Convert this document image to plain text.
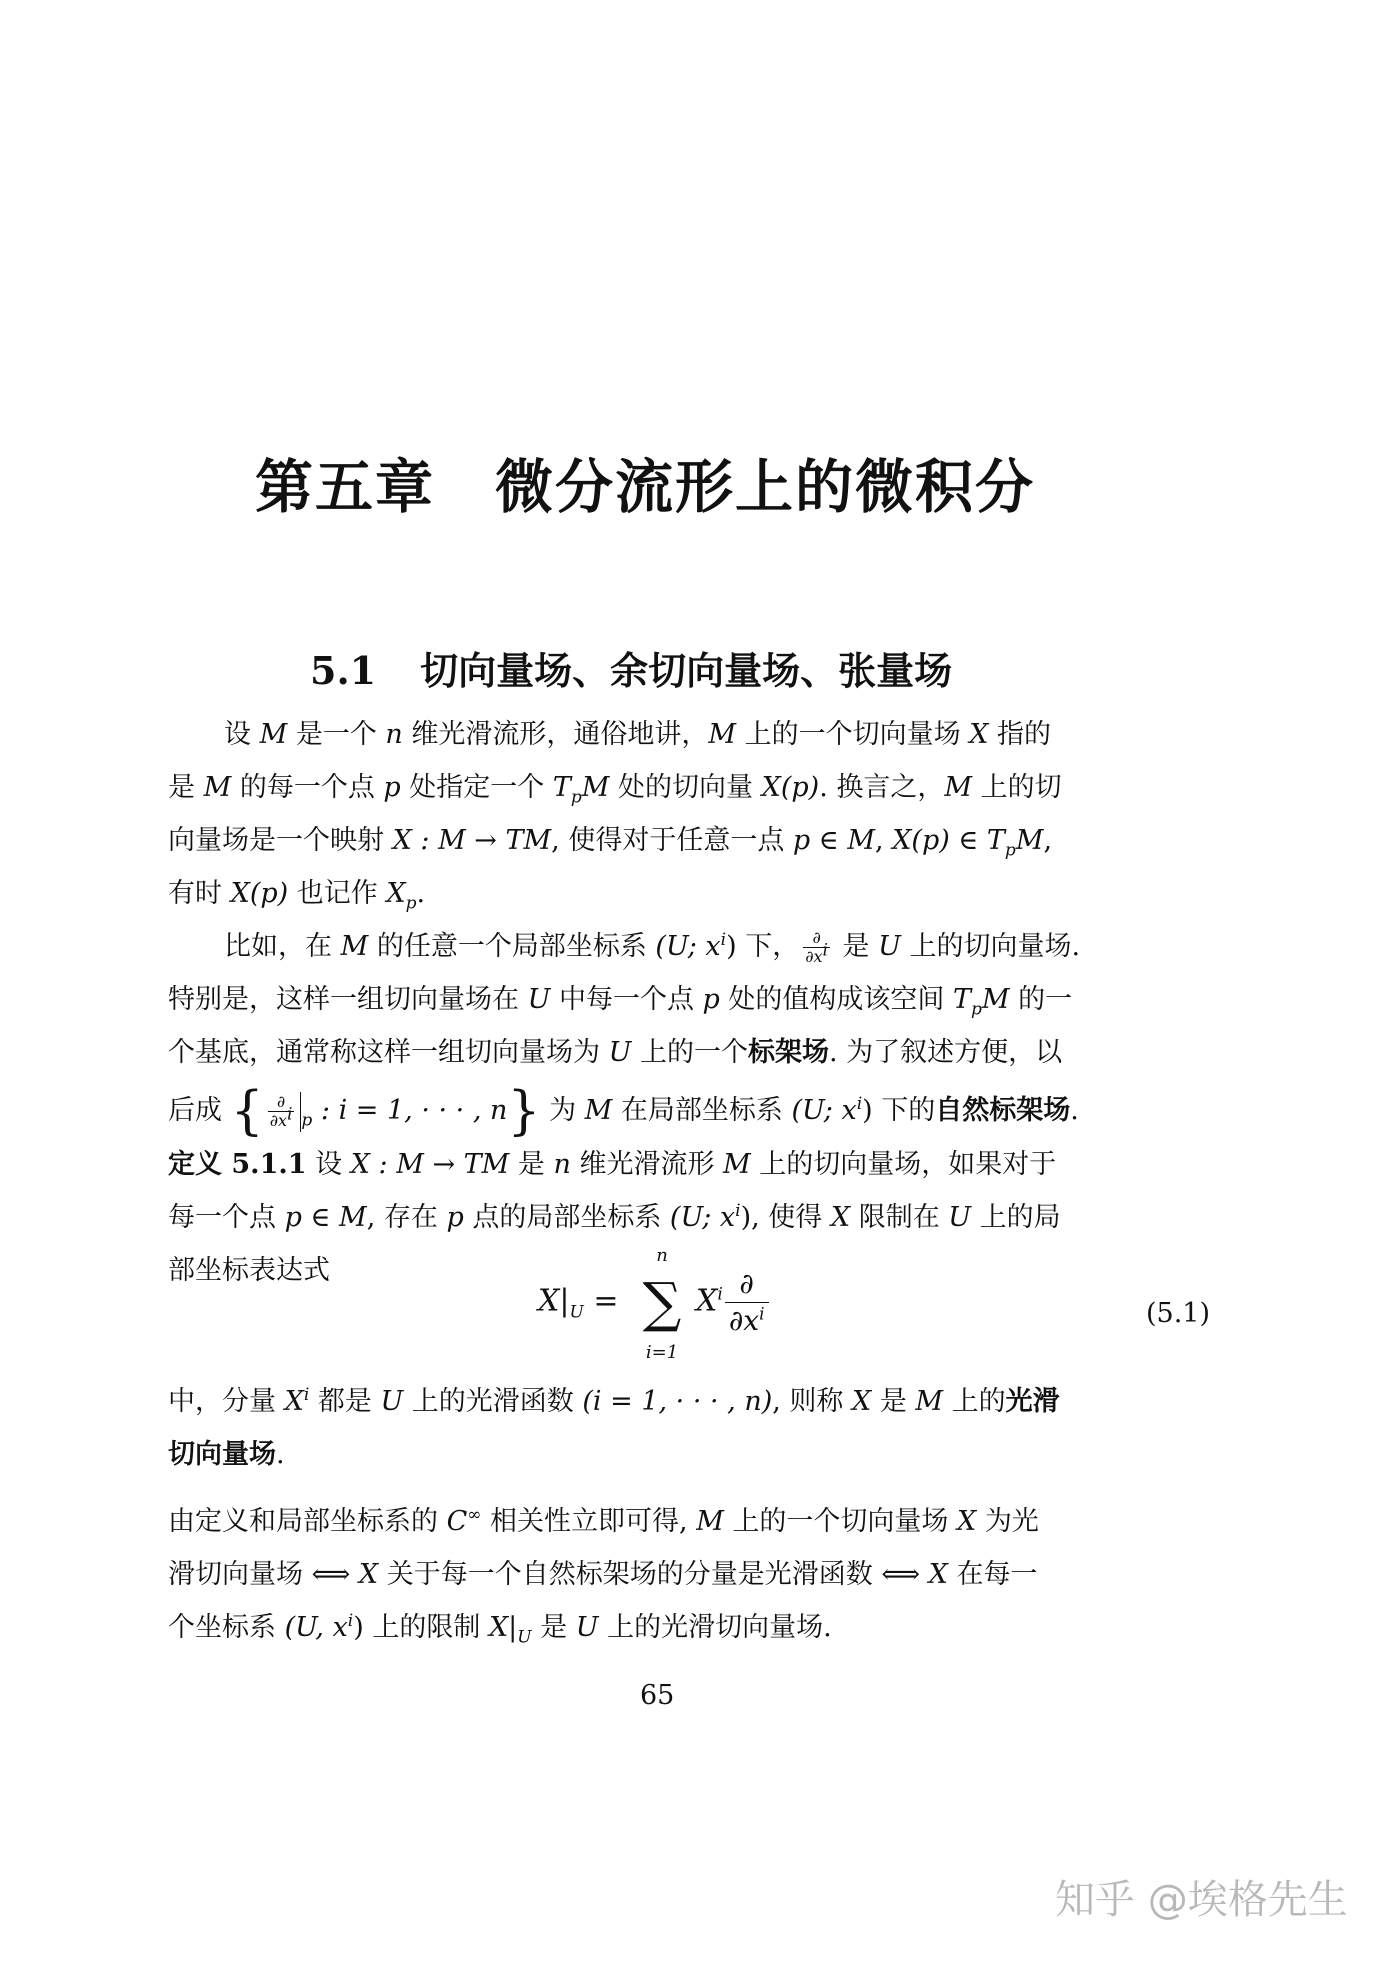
第五章 微分流形上的微积分
5.1 切向量场、余切向量场、张量场
设 M 是一个 n 维光滑流形，通俗地讲，M 上的一个切向量场 X 指的
是 M 的每一个点 p 处指定一个 $T_pM$ 处的切向量 X(p). 换言之，M 上的切
向量场是一个映射 X : M → TM, 使得对于任意一点 p ∈ M, X(p) ∈ $T_pM$,
有时 X(p) 也记作 $X_p$.
比如，在 M 的任意一个局部坐标系 (U; $x^i$) 下， $\frac{\partial}{\partial x^i}$ 是 U 上的切向量场.
特别是，这样一组切向量场在 U 中每一个点 p 处的值构成该空间 $T_pM$ 的一
个基底，通常称这样一组切向量场为 U 上的一个标架场. 为了叙述方便，以
后成 { $\frac{\partial}{\partial x^i} _p$ : i = 1, · · · , n} 为 M 在局部坐标系 (U; $x^i$) 下的自然标架场.
定义 5.1.1 设 X : M → TM 是 n 维光滑流形 M 上的切向量场，如果对于
每一个点 p ∈ M, 存在 p 点的局部坐标系 (U; $x^i$), 使得 X 限制在 U 上的局
部坐标表达式
$X|_U$ =
n
∑
i=1
$X^i \frac{\partial}{\partial x^i}$	(5.1)
中，分量 $X^i$ 都是 U 上的光滑函数 (i = 1, · · · , n), 则称 X 是 M 上的光滑
切向量场.
由定义和局部坐标系的 C∞ 相关性立即可得, M 上的一个切向量场 X 为光
滑切向量场 ⟺ X 关于每一个自然标架场的分量是光滑函数 ⟺ X 在每一
个坐标系 (U, $x^i$) 上的限制 $X|_U$ 是 U 上的光滑切向量场.
65
知乎 @埃格先生
